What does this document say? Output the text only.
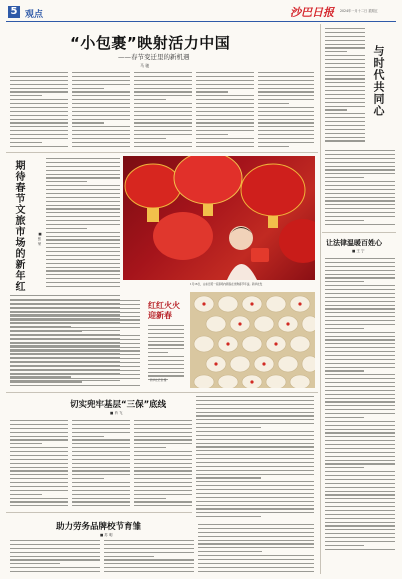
5 观点	沙巴日报 2024年一月十二日 星期五
“小包裹”映射活力中国
——春节变迁里的新机遇
马 驰	与时代共同心
让法律温暖百姓心
■ 王 宁
期待春节文旅市场的新年红
■ 张 荣
1月16日，山东日照一家商场内顾客在选购春节年货。新华社发
红红火火迎新春
新华社记者 摄
切实兜牢基层“三保”底线
■ 肖 飞
助力劳务品牌校节育雏
■ 苏 明
